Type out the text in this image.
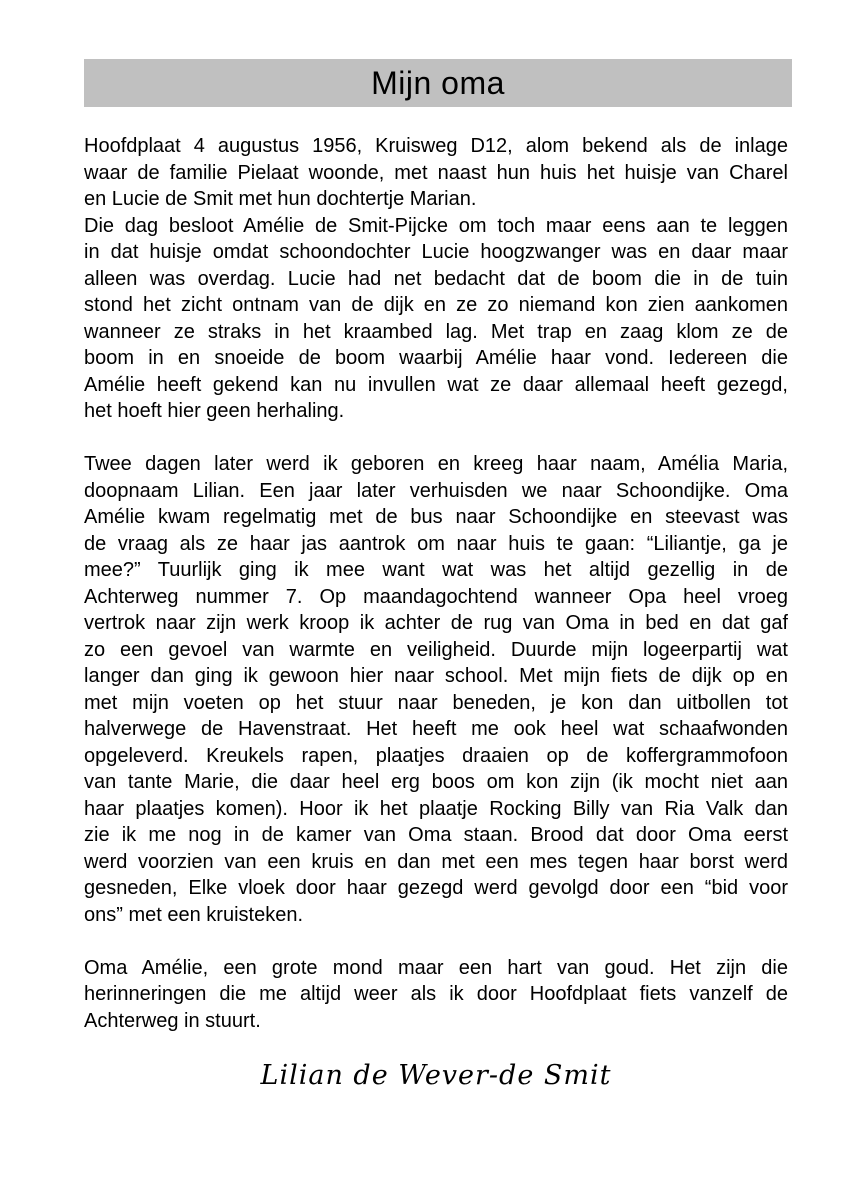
Mijn oma
Hoofdplaat 4 augustus 1956, Kruisweg D12, alom bekend als de inlage
waar de familie Pielaat woonde, met naast hun huis het huisje van Charel
en Lucie de Smit met hun dochtertje Marian.
Die dag besloot Amélie de Smit-Pijcke om toch maar eens aan te leggen
in dat huisje omdat schoondochter Lucie hoogzwanger was en daar maar
alleen was overdag. Lucie had net bedacht dat de boom die in de tuin
stond het zicht ontnam van de dijk en ze zo niemand kon zien aankomen
wanneer ze straks in het kraambed lag. Met trap en zaag klom ze de
boom in en snoeide de boom waarbij Amélie haar vond. Iedereen die
Amélie heeft gekend kan nu invullen wat ze daar allemaal heeft gezegd,
het hoeft hier geen herhaling.
Twee dagen later werd ik geboren en kreeg haar naam, Amélia Maria,
doopnaam Lilian. Een jaar later verhuisden we naar Schoondijke. Oma
Amélie kwam regelmatig met de bus naar Schoondijke en steevast was
de vraag als ze haar jas aantrok om naar huis te gaan: “Liliantje, ga je
mee?” Tuurlijk ging ik mee want wat was het altijd gezellig in de
Achterweg nummer 7. Op maandagochtend wanneer Opa heel vroeg
vertrok naar zijn werk kroop ik achter de rug van Oma in bed en dat gaf
zo een gevoel van warmte en veiligheid. Duurde mijn logeerpartij wat
langer dan ging ik gewoon hier naar school. Met mijn fiets de dijk op en
met mijn voeten op het stuur naar beneden, je kon dan uitbollen tot
halverwege de Havenstraat. Het heeft me ook heel wat schaafwonden
opgeleverd. Kreukels rapen, plaatjes draaien op de koffergrammofoon
van tante Marie, die daar heel erg boos om kon zijn (ik mocht niet aan
haar plaatjes komen). Hoor ik het plaatje Rocking Billy van Ria Valk dan
zie ik me nog in de kamer van Oma staan. Brood dat door Oma eerst
werd voorzien van een kruis en dan met een mes tegen haar borst werd
gesneden, Elke vloek door haar gezegd werd gevolgd door een “bid voor
ons” met een kruisteken.
Oma Amélie, een grote mond maar een hart van goud. Het zijn die
herinneringen die me altijd weer als ik door Hoofdplaat fiets vanzelf de
Achterweg in stuurt.
Lilian de Wever-de Smit
